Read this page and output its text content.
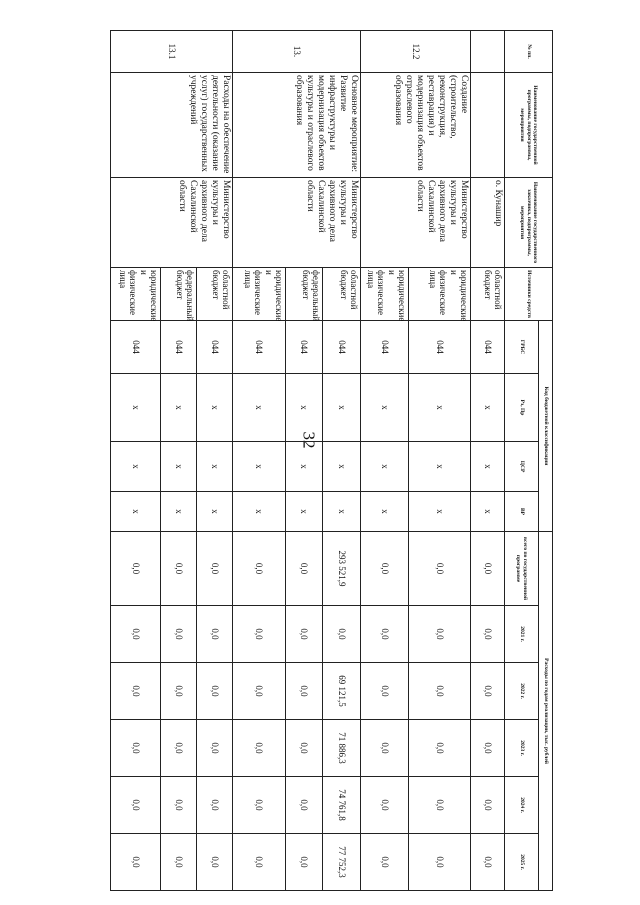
32
№ пп.	Наименование государственной программы, подпрограммы, мероприятия	Наименование государственного заказчика, подпрограммы, мероприятия	Источники средств	Код бюджетной классификации				Расходы по годам реализации, тыс. рублей					
				ГРБС	Рз, Пр	ЦСР	ВР	всего по государственной программе	2021 г.	2022 г.	2023 г.	2024 г.	2025 г.
		о. Кунашир	областной бюджет	044	х	х	х	0,0	0,0	0,0	0,0	0,0	0,0
12.2	Создание (строительство, реконструкция, реставрация) и модернизация объектов отраслевого образования	Министерство культуры и архивного дела Сахалинской области	юридические и физические лица	044	х	х	х	0,0	0,0	0,0	0,0	0,0	0,0
			юридические и физические лица	044	х	х	х	0,0	0,0	0,0	0,0	0,0	0,0
13.	Основное мероприятие: Развитие инфраструктуры и модернизация объектов культуры и отраслевого образования	Министерство культуры и архивного дела Сахалинской области	областной бюджет	044	х	х	х	293 521,9	0,0	69 121,5	71 886,3	74 761,8	77 752,3
			федеральный бюджет	044	х	х	х	0,0	0,0	0,0	0,0	0,0	0,0
			юридические и физические лица	044	х	х	х	0,0	0,0	0,0	0,0	0,0	0,0
13.1	Расходы на обеспечение деятельности (оказание услуг) государственных учреждений	Министерство культуры и архивного дела Сахалинской области	областной бюджет	044	х	х	х	0,0	0,0	0,0	0,0	0,0	0,0
			федеральный бюджет	044	х	х	х	0,0	0,0	0,0	0,0	0,0	0,0
			юридические и физические лица	044	х	х	х	0,0	0,0	0,0	0,0	0,0	0,0
